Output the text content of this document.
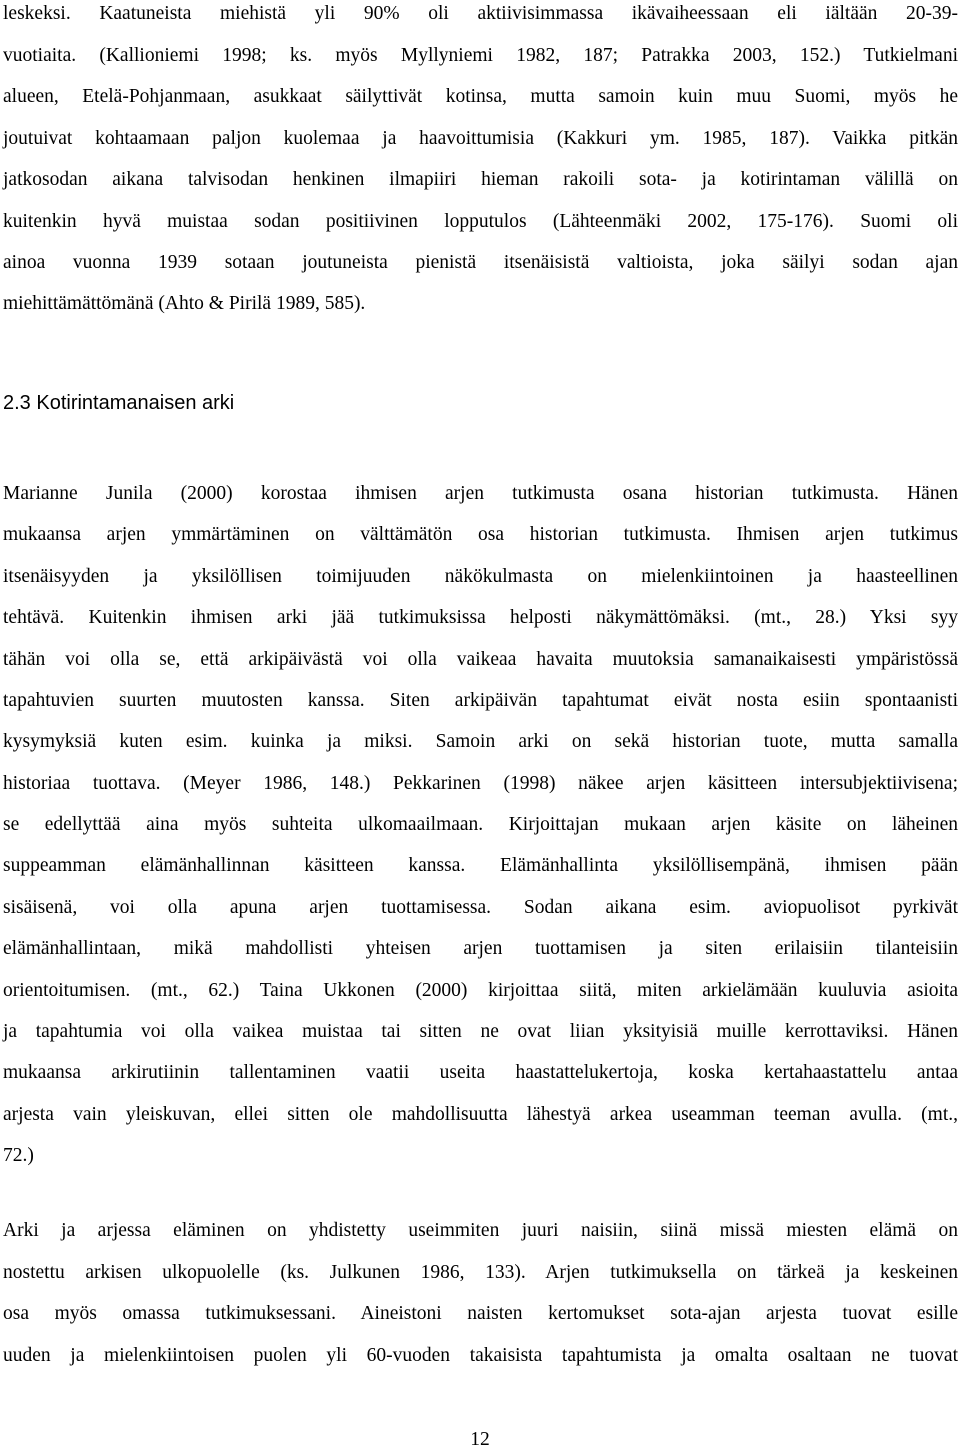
leskeksi. Kaatuneista miehistä yli 90% oli aktiivisimmassa ikävaiheessaan eli iältään 20-39-
vuotiaita. (Kallioniemi 1998; ks. myös Myllyniemi 1982, 187; Patrakka 2003, 152.) Tutkielmani
alueen, Etelä-Pohjanmaan, asukkaat säilyttivät kotinsa, mutta samoin kuin muu Suomi, myös he
joutuivat kohtaamaan paljon kuolemaa ja haavoittumisia (Kakkuri ym. 1985, 187). Vaikka pitkän
jatkosodan aikana talvisodan henkinen ilmapiiri hieman rakoili sota- ja kotirintaman välillä on
kuitenkin hyvä muistaa sodan positiivinen lopputulos (Lähteenmäki 2002, 175-176). Suomi oli
ainoa vuonna 1939 sotaan joutuneista pienistä itsenäisistä valtioista, joka säilyi sodan ajan
miehittämättömänä (Ahto & Pirilä 1989, 585).
2.3 Kotirintamanaisen arki
Marianne Junila (2000) korostaa ihmisen arjen tutkimusta osana historian tutkimusta. Hänen
mukaansa arjen ymmärtäminen on välttämätön osa historian tutkimusta. Ihmisen arjen tutkimus
itsenäisyyden ja yksilöllisen toimijuuden näkökulmasta on mielenkiintoinen ja haasteellinen
tehtävä. Kuitenkin ihmisen arki jää tutkimuksissa helposti näkymättömäksi. (mt., 28.) Yksi syy
tähän voi olla se, että arkipäivästä voi olla vaikeaa havaita muutoksia samanaikaisesti ympäristössä
tapahtuvien suurten muutosten kanssa. Siten arkipäivän tapahtumat eivät nosta esiin spontaanisti
kysymyksiä kuten esim. kuinka ja miksi. Samoin arki on sekä historian tuote, mutta samalla
historiaa tuottava. (Meyer 1986, 148.) Pekkarinen (1998) näkee arjen käsitteen intersubjektiivisena;
se edellyttää aina myös suhteita ulkomaailmaan. Kirjoittajan mukaan arjen käsite on läheinen
suppeamman elämänhallinnan käsitteen kanssa. Elämänhallinta yksilöllisempänä, ihmisen pään
sisäisenä, voi olla apuna arjen tuottamisessa. Sodan aikana esim. aviopuolisot pyrkivät
elämänhallintaan, mikä mahdollisti yhteisen arjen tuottamisen ja siten erilaisiin tilanteisiin
orientoitumisen. (mt., 62.) Taina Ukkonen (2000) kirjoittaa siitä, miten arkielämään kuuluvia asioita
ja tapahtumia voi olla vaikea muistaa tai sitten ne ovat liian yksityisiä muille kerrottaviksi. Hänen
mukaansa arkirutiinin tallentaminen vaatii useita haastattelukertoja, koska kertahaastattelu antaa
arjesta vain yleiskuvan, ellei sitten ole mahdollisuutta lähestyä arkea useamman teeman avulla. (mt.,
72.)
Arki ja arjessa eläminen on yhdistetty useimmiten juuri naisiin, siinä missä miesten elämä on
nostettu arkisen ulkopuolelle (ks. Julkunen 1986, 133). Arjen tutkimuksella on tärkeä ja keskeinen
osa myös omassa tutkimuksessani. Aineistoni naisten kertomukset sota-ajan arjesta tuovat esille
uuden ja mielenkiintoisen puolen yli 60-vuoden takaisista tapahtumista ja omalta osaltaan ne tuovat
12
